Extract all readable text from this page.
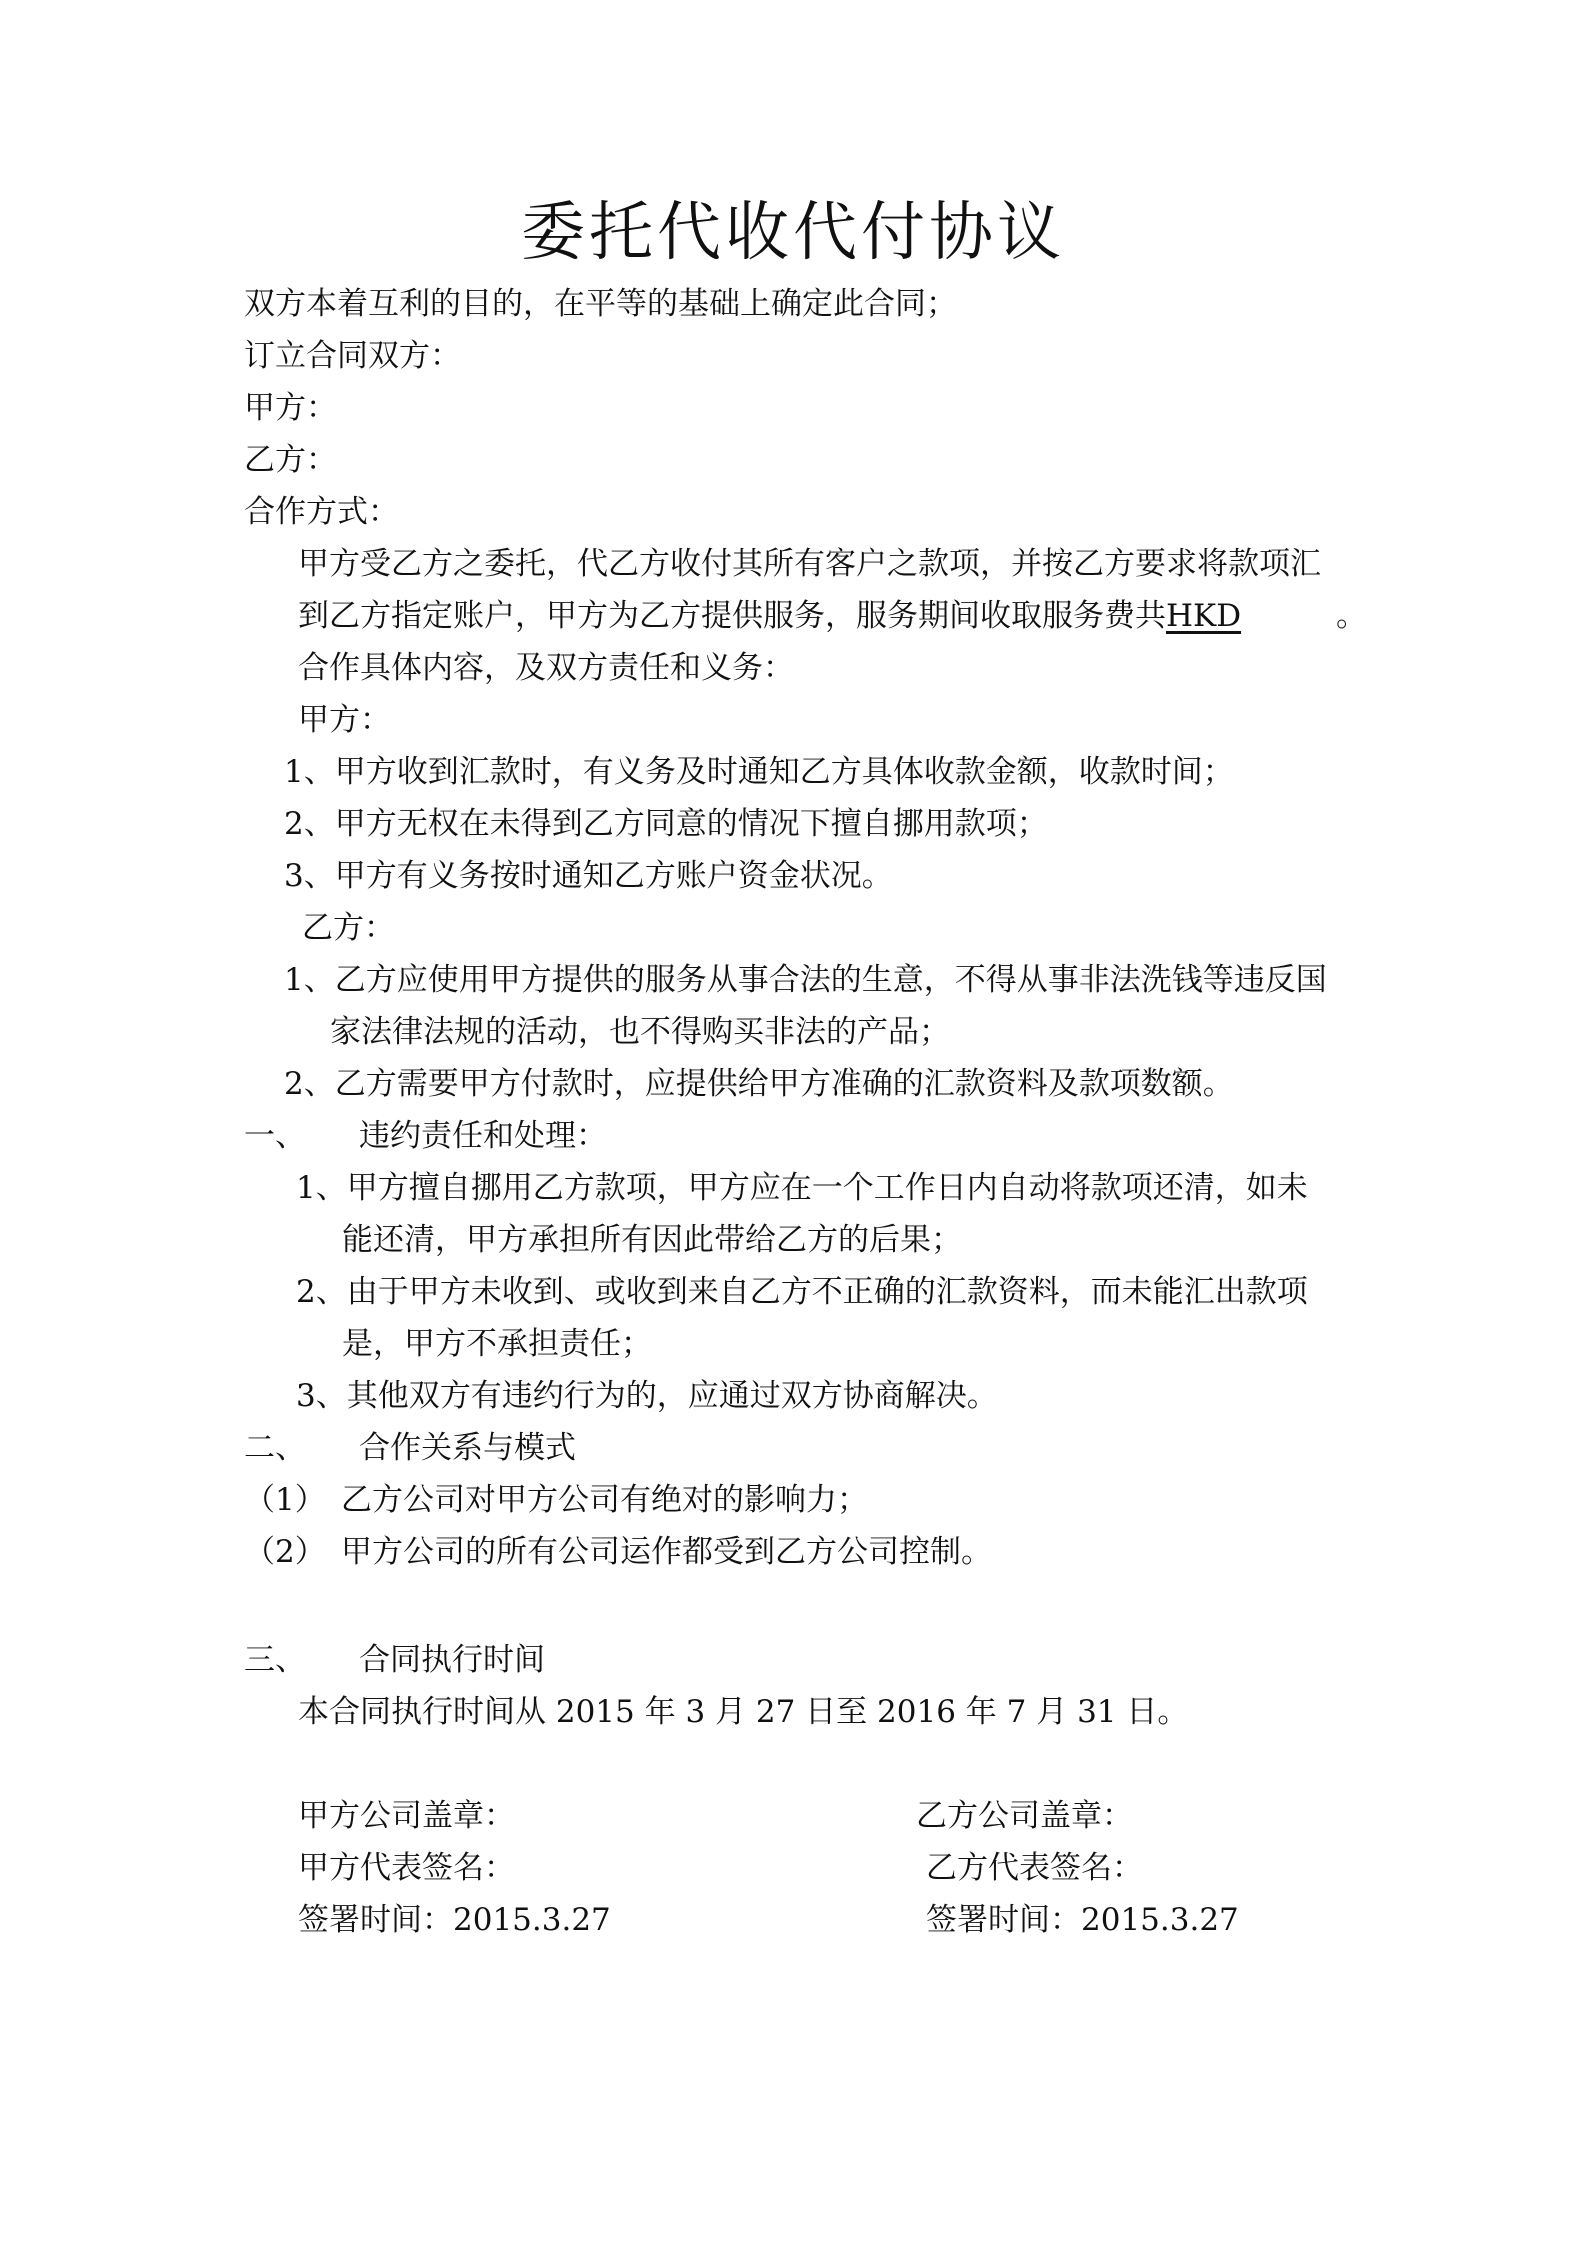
委托代收代付协议
双方本着互利的目的，在平等的基础上确定此合同；
订立合同双方：
甲方：
乙方：
合作方式：
甲方受乙方之委托，代乙方收付其所有客户之款项，并按乙方要求将款项汇
到乙方指定账户，甲方为乙方提供服务，服务期间收取服务费共HKD	。
合作具体内容，及双方责任和义务：
甲方：
1、甲方收到汇款时，有义务及时通知乙方具体收款金额，收款时间；
2、甲方无权在未得到乙方同意的情况下擅自挪用款项；
3、甲方有义务按时通知乙方账户资金状况。
乙方：
1、乙方应使用甲方提供的服务从事合法的生意，不得从事非法洗钱等违反国
家法律法规的活动，也不得购买非法的产品；
2、乙方需要甲方付款时，应提供给甲方准确的汇款资料及款项数额。
一、 违约责任和处理：
1、甲方擅自挪用乙方款项，甲方应在一个工作日内自动将款项还清，如未
能还清，甲方承担所有因此带给乙方的后果；
2、由于甲方未收到、或收到来自乙方不正确的汇款资料，而未能汇出款项
是，甲方不承担责任；
3、其他双方有违约行为的，应通过双方协商解决。
二、 合作关系与模式
（1） 乙方公司对甲方公司有绝对的影响力；
（2） 甲方公司的所有公司运作都受到乙方公司控制。
三、 合同执行时间
本合同执行时间从 2015 年 3 月 27 日至 2016 年 7 月 31 日。
甲方公司盖章：	乙方公司盖章：
甲方代表签名：	乙方代表签名：
签署时间：2015.3.27	签署时间：2015.3.27
